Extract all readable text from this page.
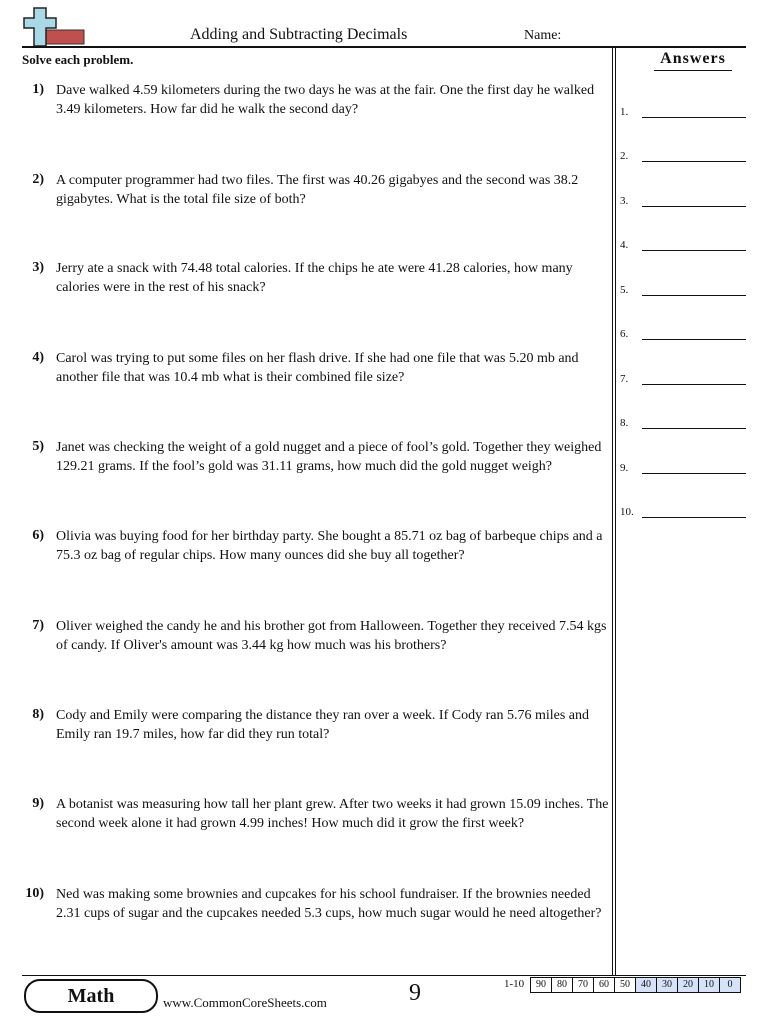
Adding and Subtracting Decimals	Name:
Solve each problem.	Answers
1) Dave walked 4.59 kilometers during the two days he was at the fair. One the first day he walked 3.49 kilometers. How far did he walk the second day?
2) A computer programmer had two files. The first was 40.26 gigabyes and the second was 38.2 gigabytes. What is the total file size of both?
3) Jerry ate a snack with 74.48 total calories. If the chips he ate were 41.28 calories, how many calories were in the rest of his snack?
4) Carol was trying to put some files on her flash drive. If she had one file that was 5.20 mb and another file that was 10.4 mb what is their combined file size?
5) Janet was checking the weight of a gold nugget and a piece of fool’s gold. Together they weighed 129.21 grams. If the fool’s gold was 31.11 grams, how much did the gold nugget weigh?
6) Olivia was buying food for her birthday party. She bought a 85.71 oz bag of barbeque chips and a 75.3 oz bag of regular chips. How many ounces did she buy all together?
7) Oliver weighed the candy he and his brother got from Halloween. Together they received 7.54 kgs of candy. If Oliver's amount was 3.44 kg how much was his brothers?
8) Cody and Emily were comparing the distance they ran over a week. If Cody ran 5.76 miles and Emily ran 19.7 miles, how far did they run total?
9) A botanist was measuring how tall her plant grew. After two weeks it had grown 15.09 inches. The second week alone it had grown 4.99 inches! How much did it grow the first week?
10) Ned was making some brownies and cupcakes for his school fundraiser. If the brownies needed 2.31 cups of sugar and the cupcakes needed 5.3 cups, how much sugar would he need altogether?
1.
2.
3.
4.
5.
6.
7.
8.
9.
10.
Math	www.CommonCoreSheets.com	9	1-10	90	80	70	60	50	40	30	20	10	0
